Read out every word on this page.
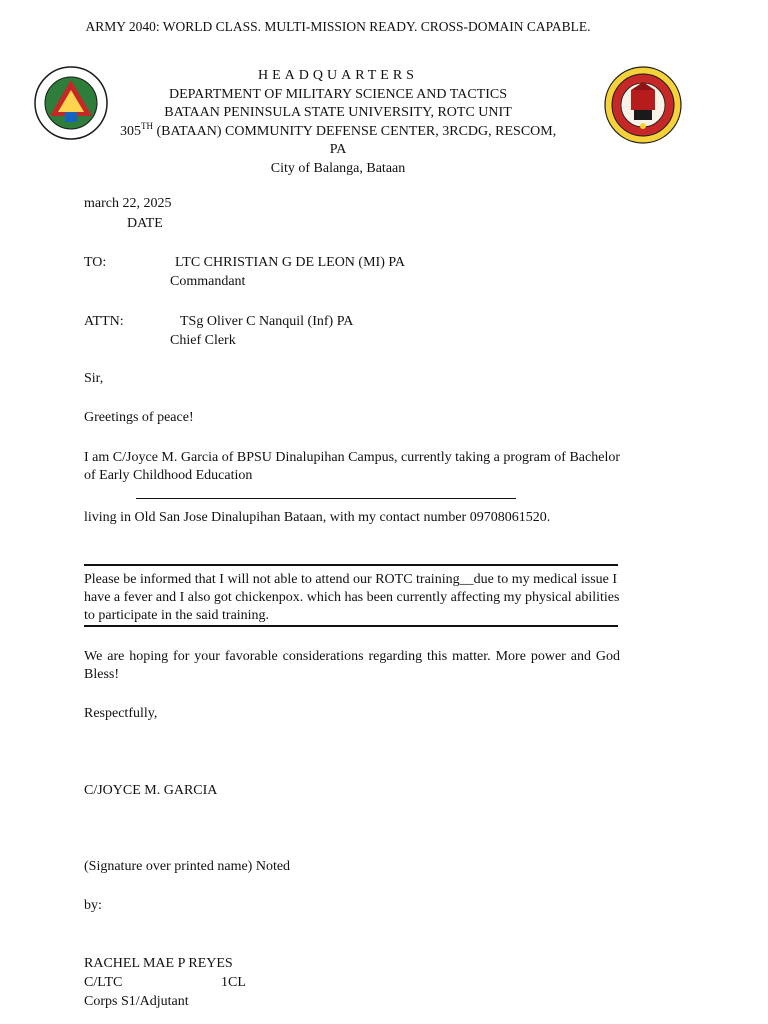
ARMY 2040: WORLD CLASS. MULTI-MISSION READY. CROSS-DOMAIN CAPABLE.
HEADQUARTERS
DEPARTMENT OF MILITARY SCIENCE AND TACTICS
BATAAN PENINSULA STATE UNIVERSITY, ROTC UNIT
305TH (BATAAN) COMMUNITY DEFENSE CENTER, 3RCDG, RESCOM,
PA
City of Balanga, Bataan
march 22, 2025
DATE
TO:	LTC CHRISTIAN G DE LEON (MI) PA
Commandant
ATTN:	TSg Oliver C Nanquil (Inf) PA
Chief Clerk
Sir,
Greetings of peace!
I am C/Joyce M. Garcia of BPSU Dinalupihan Campus, currently taking a program of Bachelor of Early Childhood Education
living in Old San Jose Dinalupihan Bataan, with my contact number 09708061520.
Please be informed that I will not able to attend our ROTC training__due to my medical issue I have a fever and I also got chickenpox. which has been currently affecting my physical abilities to participate in the said training.
We are hoping for your favorable considerations regarding this matter. More power and God Bless!
Respectfully,
C/JOYCE M. GARCIA
(Signature over printed name) Noted
by:
RACHEL MAE P REYES
C/LTC	1CL
Corps S1/Adjutant
